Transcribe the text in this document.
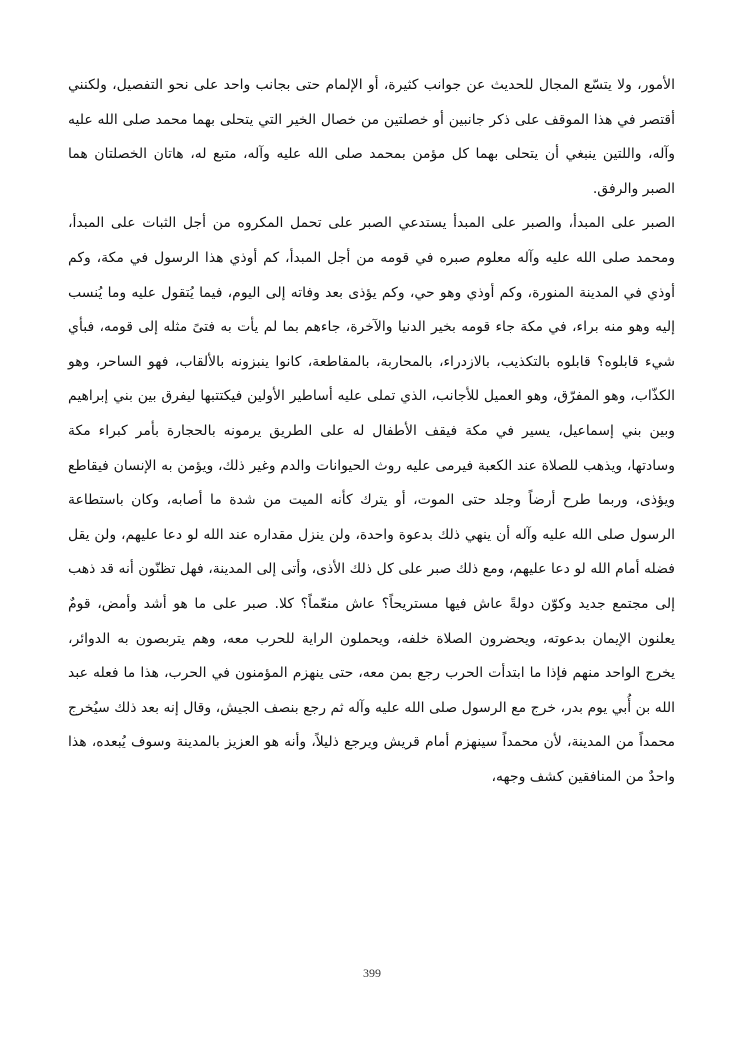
الأمور، ولا يتسّع المجال للحديث عن جوانب كثيرة، أو الإلمام حتى بجانب واحد على نحو التفصيل، ولكنني أقتصر في هذا الموقف على ذكر جانبين أو خصلتين من خصال الخير التي يتحلى بهما محمد صلى الله عليه وآله، واللتين ينبغي أن يتحلى بهما كل مؤمن بمحمد صلى الله عليه وآله، متبع له، هاتان الخصلتان هما الصبر والرفق.

الصبر على المبدأ، والصبر على المبدأ يستدعي الصبر على تحمل المكروه من أجل الثبات على المبدأ، ومحمد صلى الله عليه وآله معلوم صبره في قومه من أجل المبدأ، كم أوذي هذا الرسول في مكة، وكم أوذي في المدينة المنورة، وكم أوذي وهو حي، وكم يؤذى بعد وفاته إلى اليوم، فيما يُتقول عليه وما يُنسب إليه وهو منه براء، في مكة جاء قومه بخير الدنيا والآخرة، جاءهم بما لم يأت به فتىً مثله إلى قومه، فبأي شيء قابلوه؟ قابلوه بالتكذيب، بالازدراء، بالمحاربة، بالمقاطعة، كانوا ينبزونه بالألقاب، فهو الساحر، وهو الكذّاب، وهو المفرّق، وهو العميل للأجانب، الذي تملى عليه أساطير الأولين فيكتتبها ليفرق بين بني إبراهيم وبين بني إسماعيل، يسير في مكة فيقف الأطفال له على الطريق يرمونه بالحجارة بأمر كبراء مكة وسادتها، ويذهب للصلاة عند الكعبة فيرمى عليه روث الحيوانات والدم وغير ذلك، ويؤمن به الإنسان فيقاطع ويؤذى، وربما طرح أرضاً وجلد حتى الموت، أو يترك كأنه الميت من شدة ما أصابه، وكان باستطاعة الرسول صلى الله عليه وآله أن ينهي ذلك بدعوة واحدة، ولن ينزل مقداره عند الله لو دعا عليهم، ولن يقل فضله أمام الله لو دعا عليهم، ومع ذلك صبر على كل ذلك الأذى، وأتى إلى المدينة، فهل تظنّون أنه قد ذهب إلى مجتمع جديد وكوّن دولةً عاش فيها مستريحاً؟ عاش منعّماً؟ كلا. صبر على ما هو أشد وأمض، قومٌ يعلنون الإيمان بدعوته، ويحضرون الصلاة خلفه، ويحملون الراية للحرب معه، وهم يتربصون به الدوائر، يخرج الواحد منهم فإذا ما ابتدأت الحرب رجع بمن معه، حتى ينهزم المؤمنون في الحرب، هذا ما فعله عبد الله بن أُبي يوم بدر، خرج مع الرسول صلى الله عليه وآله ثم رجع بنصف الجيش، وقال إنه بعد ذلك سيُخرج محمداً من المدينة، لأن محمداً سينهزم أمام قريش ويرجع ذليلاً، وأنه هو العزيز بالمدينة وسوف يُبعده، هذا واحدٌ من المنافقين كشف وجهه،

399
